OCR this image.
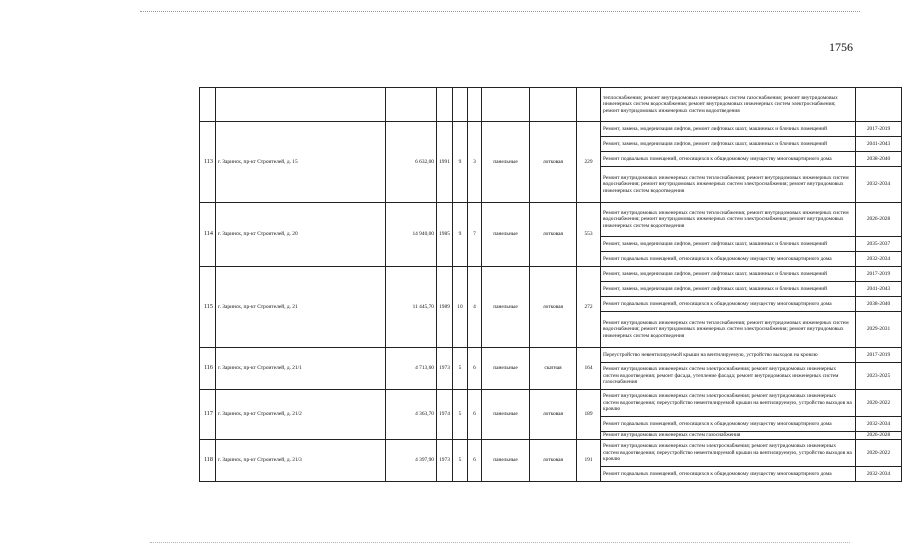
1756
									теплоснабжения; ремонт внутридомовых инженерных систем газоснабжения; ремонт внутридомовых инженерных систем водоснабжения; ремонт внутридомовых инженерных систем электроснабжения; ремонт внутридомовых инженерных систем водоотведения	
113	г. Заринск, пр-кт Строителей, д. 15	6 632,00	1991	9	3	панельные	лотковая	229	Ремонт, замена, модернизация лифтов, ремонт лифтовых шахт, машинных и блочных помещений	2017-2019
									Ремонт, замена, модернизация лифтов, ремонт лифтовых шахт, машинных и блочных помещений	2041-2043
									Ремонт подвальных помещений, относящихся к общедомовому имуществу многоквартирного дома	2038-2040
									Ремонт внутридомовых инженерных систем теплоснабжения; ремонт внутридомовых инженерных систем водоснабжения; ремонт внутридомовых инженерных систем электроснабжения; ремонт внутридомовых инженерных систем водоотведения	2032-2034
114	г. Заринск, пр-кт Строителей, д. 20	14 940,00	1985	9	7	панельные	лотковая	553	Ремонт внутридомовых инженерных систем теплоснабжения; ремонт внутридомовых инженерных систем водоснабжения; ремонт внутридомовых инженерных систем электроснабжения; ремонт внутридомовых инженерных систем водоотведения	2026-2028
									Ремонт, замена, модернизация лифтов, ремонт лифтовых шахт, машинных и блочных помещений	2035-2037
									Ремонт подвальных помещений, относящихся к общедомовому имуществу многоквартирного дома	2032-2034
115	г. Заринск, пр-кт Строителей, д. 21	11 445,70	1989	10	4	панельные	лотковая	272	Ремонт, замена, модернизация лифтов, ремонт лифтовых шахт, машинных и блочных помещений	2017-2019
									Ремонт, замена, модернизация лифтов, ремонт лифтовых шахт, машинных и блочных помещений	2041-2043
									Ремонт подвальных помещений, относящихся к общедомовому имуществу многоквартирного дома	2038-2040
									Ремонт внутридомовых инженерных систем теплоснабжения; ремонт внутридомовых инженерных систем водоснабжения; ремонт внутридомовых инженерных систем электроснабжения; ремонт внутридомовых инженерных систем водоотведения	2029-2031
116	г. Заринск, пр-кт Строителей, д. 21/1	4 713,60	1973	5	6	панельные	скатная	164	Переустройство невентилируемой крыши на вентилируемую, устройство выходов на кровлю	2017-2019
									Ремонт внутридомовых инженерных систем электроснабжения; ремонт внутридомовых инженерных систем водоотведения; ремонт фасада, утепление фасада; ремонт внутридомовых инженерных систем газоснабжения	2023-2025
117	г. Заринск, пр-кт Строителей, д. 21/2	4 363,70	1974	5	6	панельные	лотковая	189	Ремонт внутридомовых инженерных систем электроснабжения; ремонт внутридомовых инженерных систем водоотведения; переустройство невентилируемой крыши на вентилируемую, устройство выходов на кровлю	2020-2022
									Ремонт подвальных помещений, относящихся к общедомовому имуществу многоквартирного дома	2032-2034
									Ремонт внутридомовых инженерных систем газоснабжения	2026-2028
118	г. Заринск, пр-кт Строителей, д. 21/3	4 397,90	1973	5	6	панельные	лотковая	191	Ремонт внутридомовых инженерных систем электроснабжения; ремонт внутридомовых инженерных систем водоотведения; переустройство невентилируемой крыши на вентилируемую, устройство выходов на кровлю	2020-2022
									Ремонт подвальных помещений, относящихся к общедомовому имуществу многоквартирного дома	2032-2034
